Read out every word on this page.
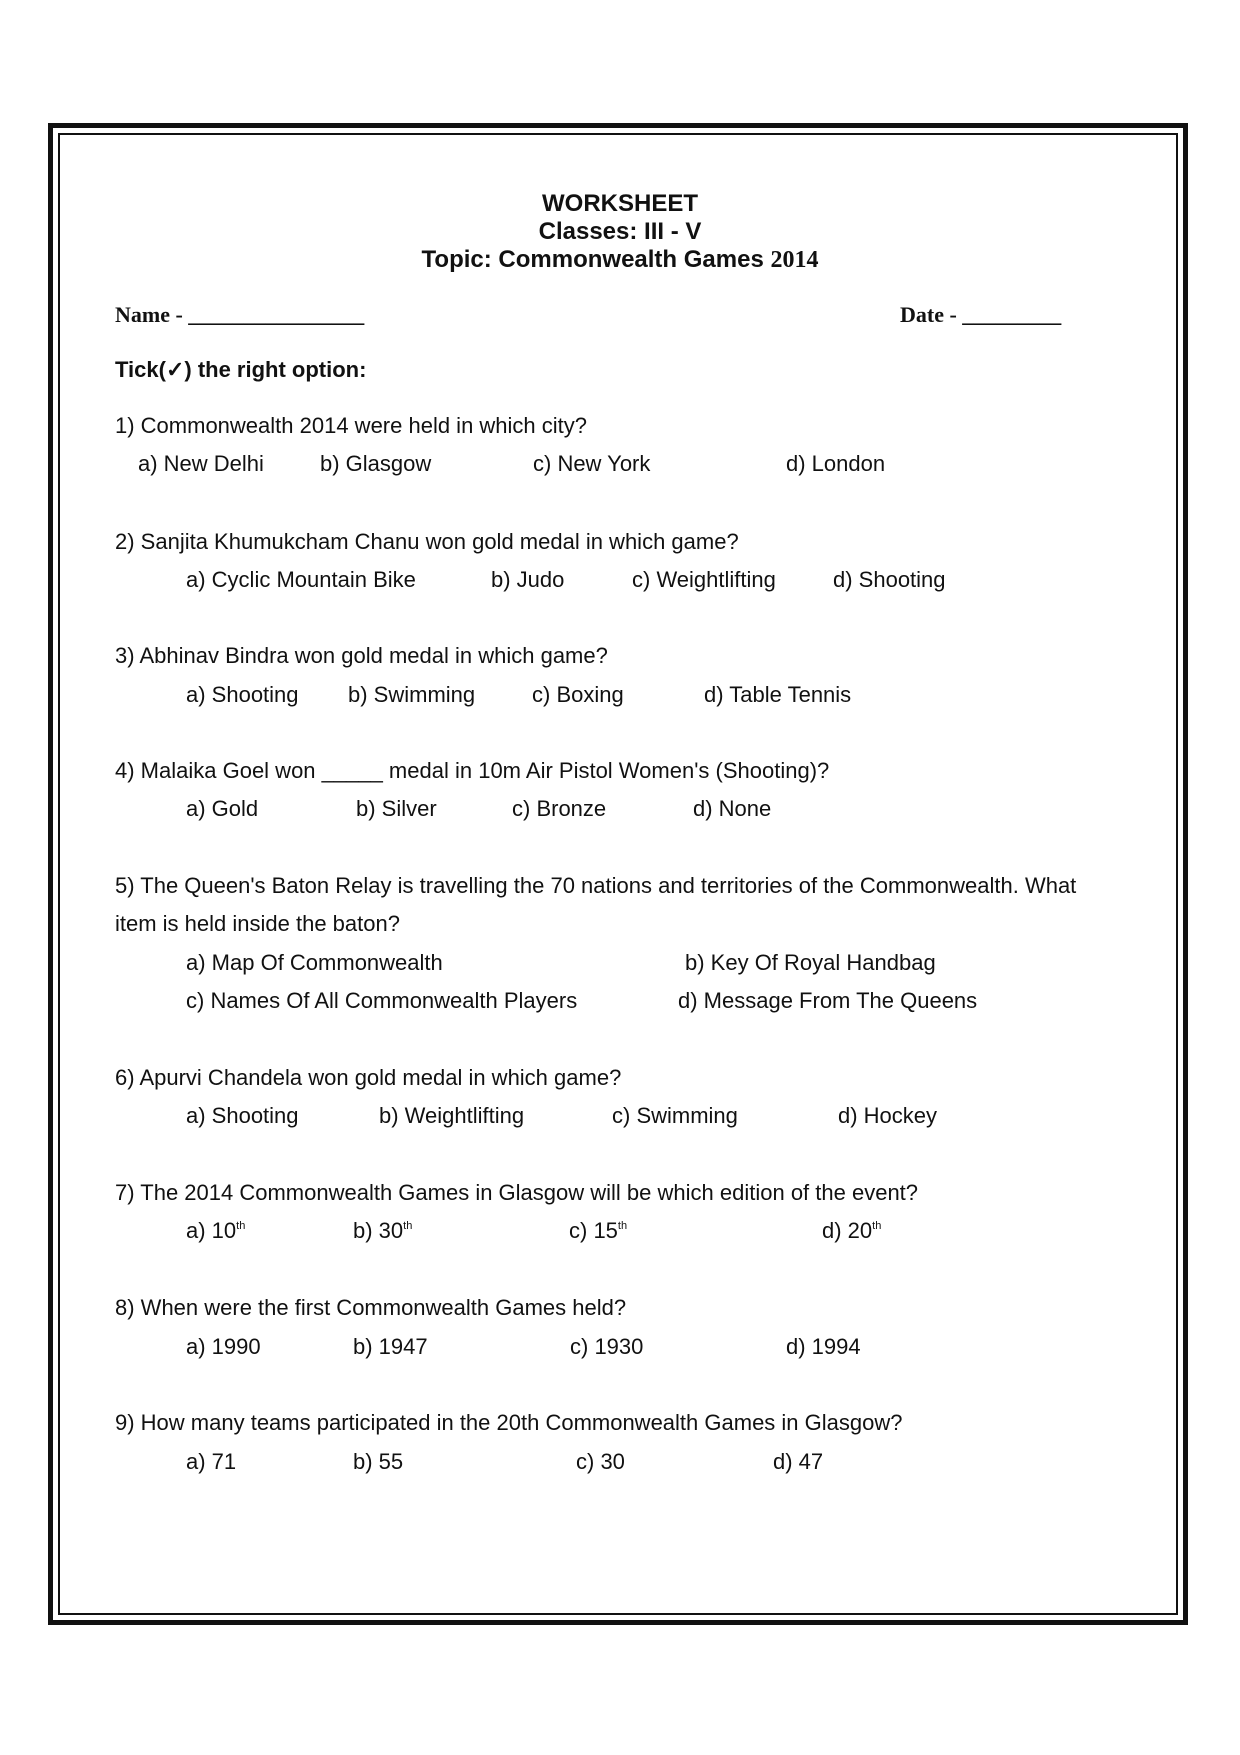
WORKSHEET
Classes: III - V
Topic: Commonwealth Games 2014
Name - ________________	Date - _________
Tick(✓) the right option:
1) Commonwealth 2014 were held in which city?
a) New Delhi	b) Glasgow	c) New York	d) London
2) Sanjita Khumukcham Chanu won gold medal in which game?
a) Cyclic Mountain Bike	b) Judo	c) Weightlifting	d) Shooting
3) Abhinav Bindra won gold medal in which game?
a) Shooting b) Swimming	c) Boxing	d) Table Tennis
4) Malaika Goel won _____ medal in 10m Air Pistol Women's (Shooting)?
a) Gold	b) Silver	c) Bronze	d) None
5) The Queen's Baton Relay is travelling the 70 nations and territories of the Commonwealth. What
item is held inside the baton?
a) Map Of Commonwealth	b) Key Of Royal Handbag
c) Names Of All Commonwealth Players	d) Message From The Queens
6) Apurvi Chandela won gold medal in which game?
a) Shooting	b) Weightlifting	c) Swimming	d) Hockey
7) The 2014 Commonwealth Games in Glasgow will be which edition of the event?
a) 10th	b) 30th	c) 15th	d) 20th
8) When were the first Commonwealth Games held?
a) 1990	b) 1947	c) 1930	d) 1994
9) How many teams participated in the 20th Commonwealth Games in Glasgow?
a) 71	b) 55	c) 30	d) 47
